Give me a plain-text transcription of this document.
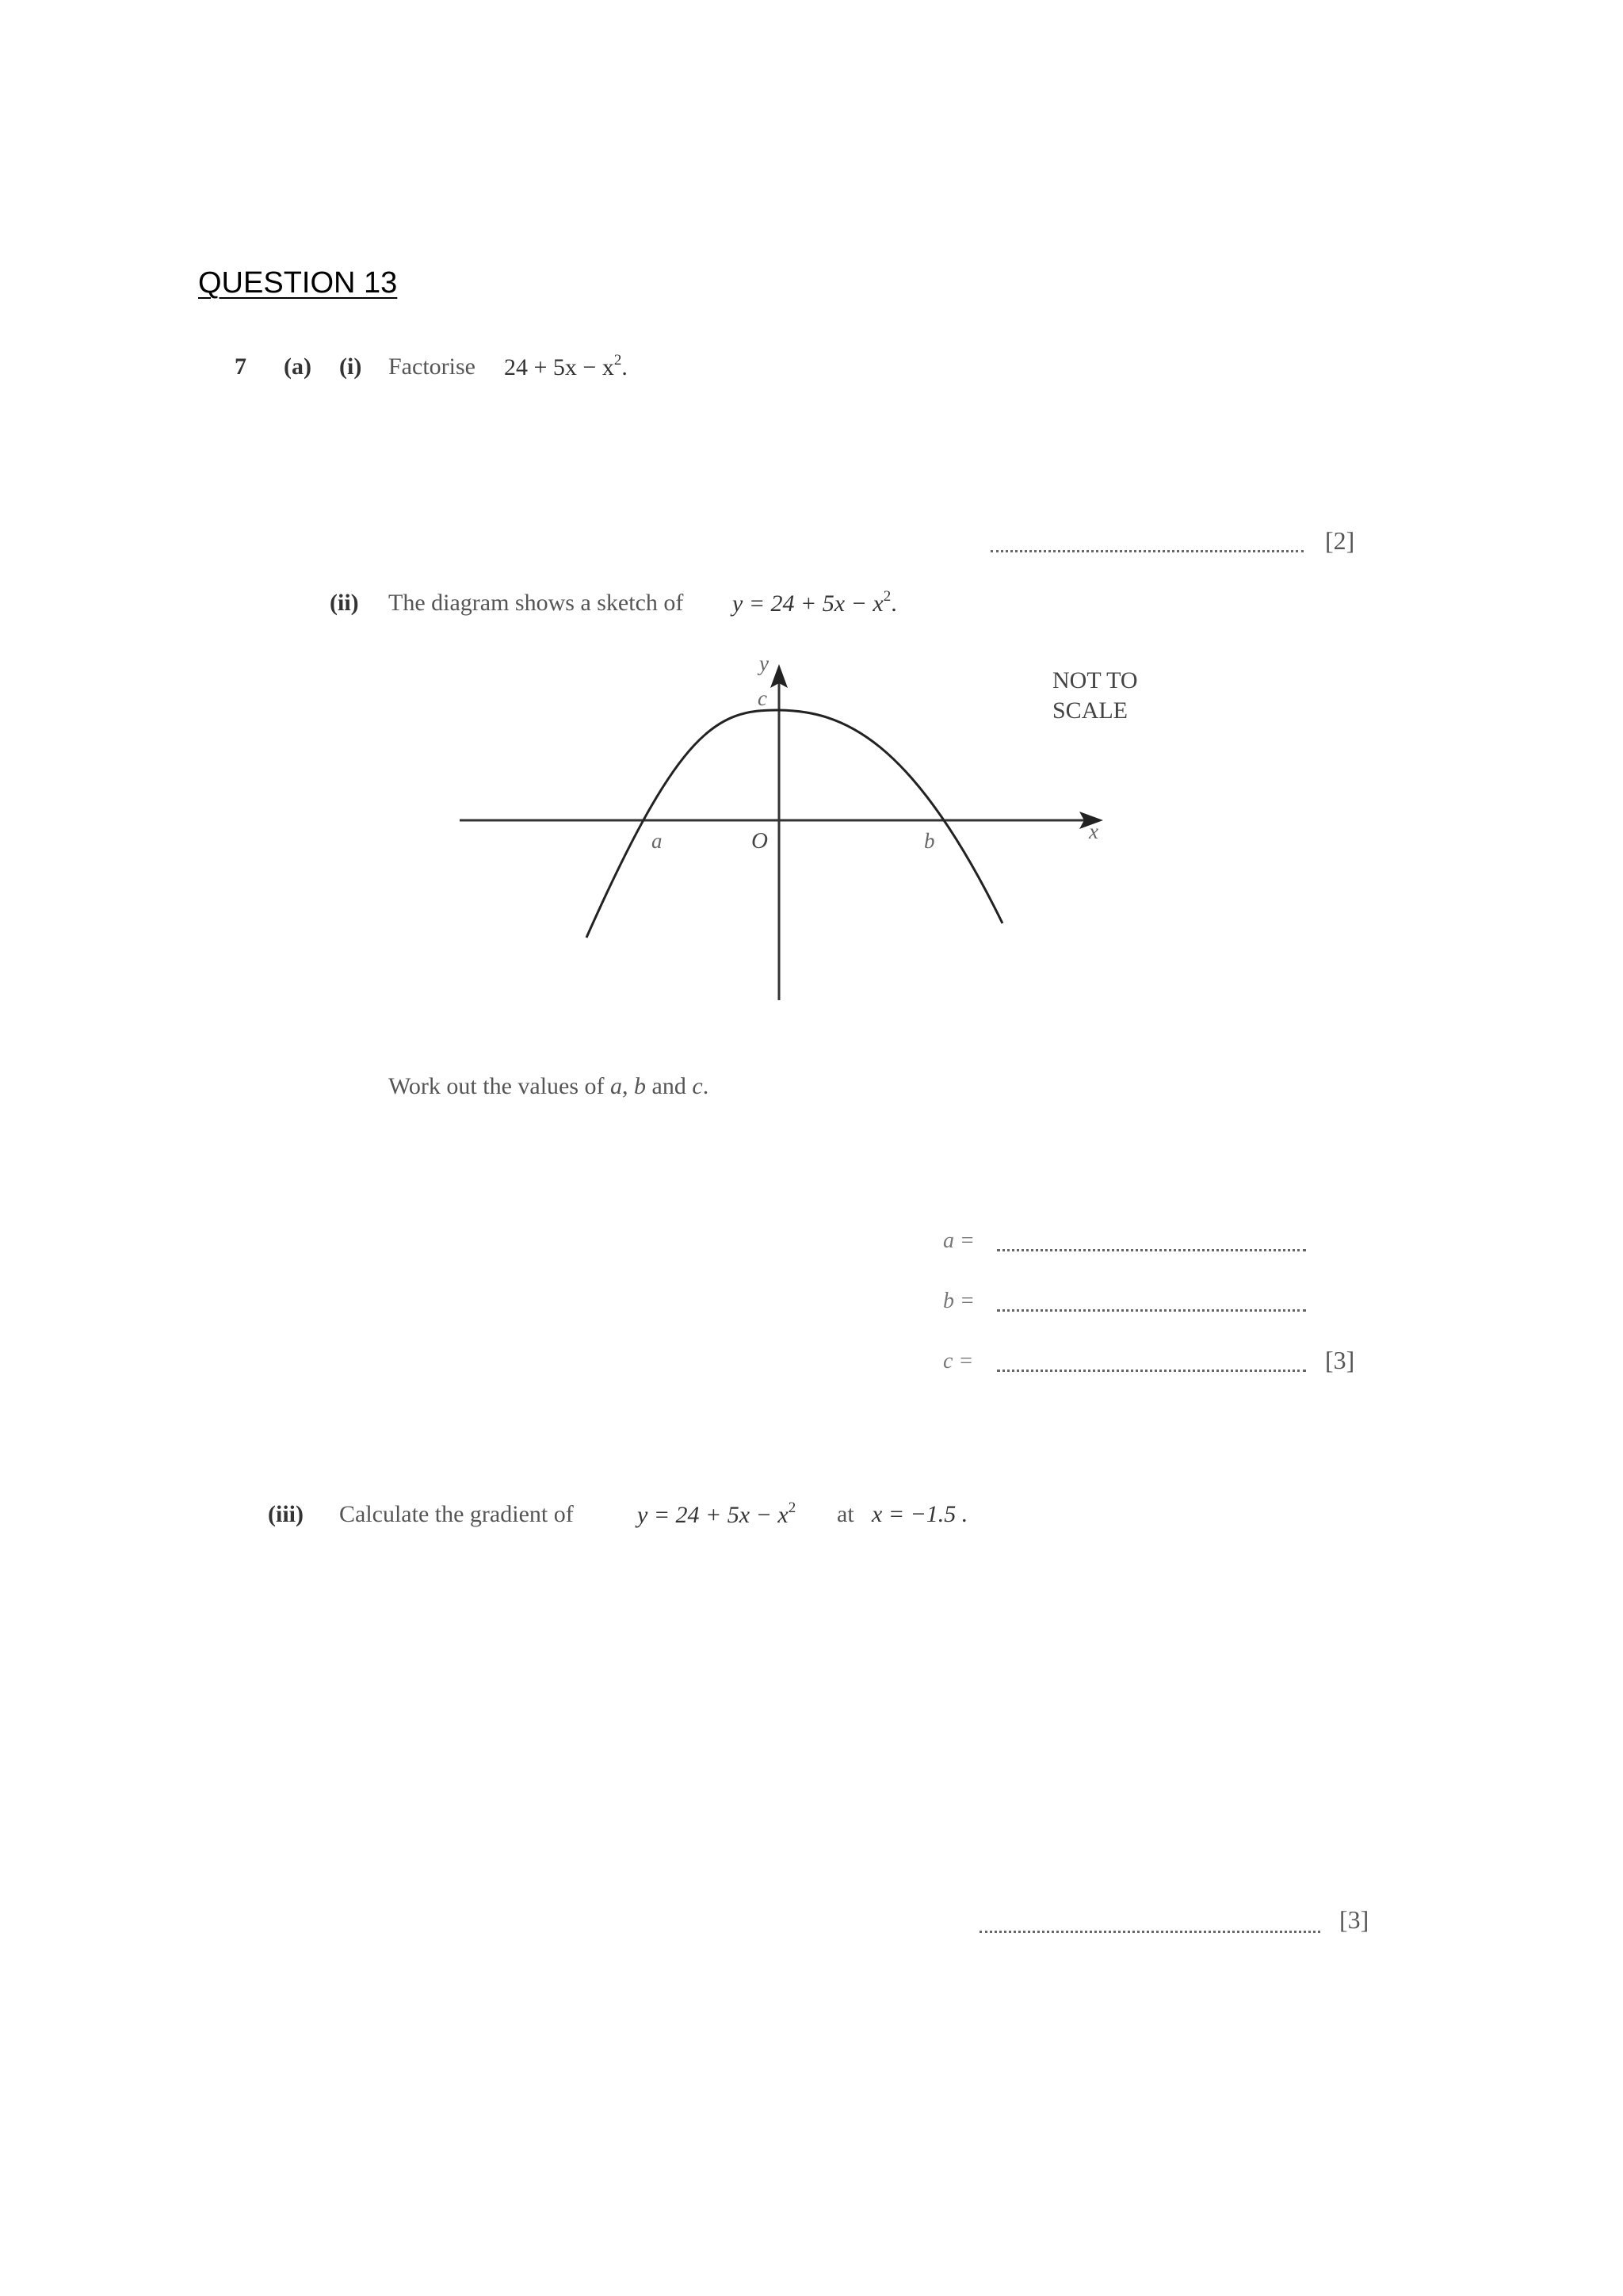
QUESTION 13
7 (a) (i) Factorise $24 + 5x - x^2$.
[2]
(ii) The diagram shows a sketch of $y = 24 + 5x - x^2$.
y
c
a	O	b	x
NOT TO
SCALE
Work out the values of a, b and c.
a =
b =
c =	[3]
(iii) Calculate the gradient of	$y = 24 + 5x - x^2$ at x = −1.5 .
[3]
